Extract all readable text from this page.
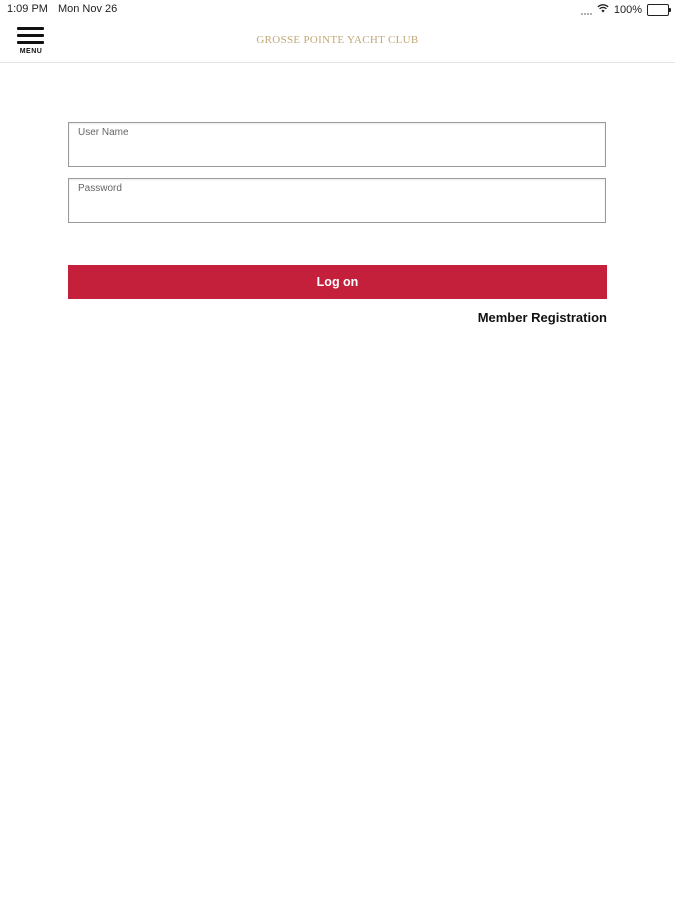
1:09 PM Mon Nov 26	100%
MENU
GROSSE POINTE YACHT CLUB
User Name
Password
Log on
Member Registration
